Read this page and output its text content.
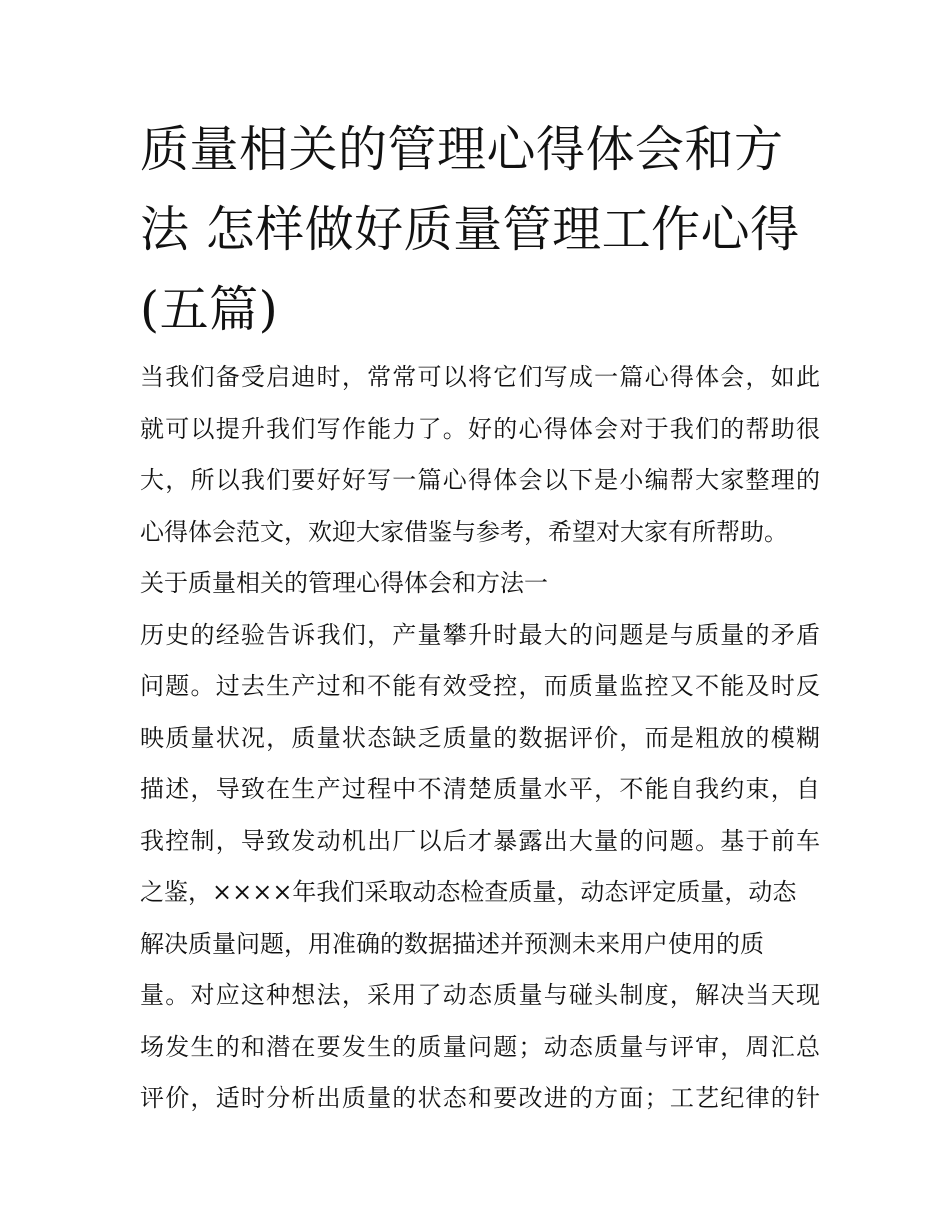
质量相关的管理心得体会和方
法 怎样做好质量管理工作心得
(五篇)
当我们备受启迪时，常常可以将它们写成一篇心得体会，如此
就可以提升我们写作能力了。好的心得体会对于我们的帮助很
大，所以我们要好好写一篇心得体会以下是小编帮大家整理的
心得体会范文，欢迎大家借鉴与参考，希望对大家有所帮助。
关于质量相关的管理心得体会和方法一
历史的经验告诉我们，产量攀升时最大的问题是与质量的矛盾
问题。过去生产过和不能有效受控，而质量监控又不能及时反
映质量状况，质量状态缺乏质量的数据评价，而是粗放的模糊
描述，导致在生产过程中不清楚质量水平，不能自我约束，自
我控制，导致发动机出厂以后才暴露出大量的问题。基于前车
之鉴，××××年我们采取动态检查质量，动态评定质量，动态
解决质量问题，用准确的数据描述并预测未来用户使用的质
量。对应这种想法，采用了动态质量与碰头制度，解决当天现
场发生的和潜在要发生的质量问题；动态质量与评审，周汇总
评价，适时分析出质量的状态和要改进的方面；工艺纪律的针
